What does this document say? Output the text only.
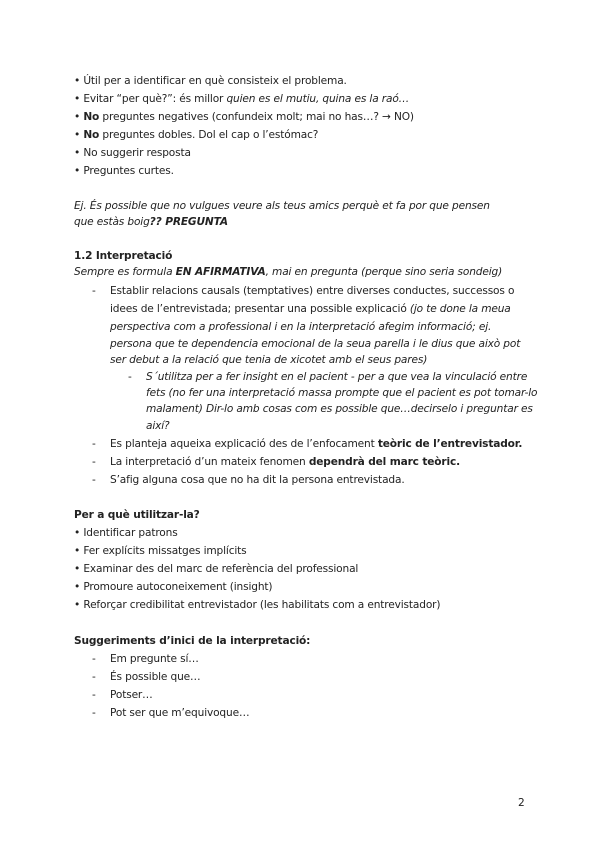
• Útil per a identificar en què consisteix el problema.
• Evitar “per què?”: és millor quien es el mutiu, quina es la raó…
• No preguntes negatives (confundeix molt; mai no has…? → NO)
• No preguntes dobles. Dol el cap o l’estómac?
• No suggerir resposta
• Preguntes curtes.
Ej. És possible que no vulgues veure als teus amics perquè et fa por que pensen
que estàs boig?? PREGUNTA
1.2 Interpretació
Sempre es formula EN AFIRMATIVA, mai en pregunta (perque sino seria sondeig)
- Establir relacions causals (temptatives) entre diverses conductes, successos o
idees de l’entrevistada; presentar una possible explicació (jo te done la meua
perspectiva com a professional i en la interpretació afegim informació; ej.
persona que te dependencia emocional de la seua parella i le dius que això pot
ser debut a la relació que tenia de xicotet amb el seus pares)
- S´utilitza per a fer insight en el pacient - per a que vea la vinculació entre
fets (no fer una interpretació massa prompte que el pacient es pot tomar-lo
malament) Dir-lo amb cosas com es possible que…decirselo i preguntar es
així?
- Es planteja aqueixa explicació des de l’enfocament teòric de l’entrevistador.
- La interpretació d’un mateix fenomen dependrà del marc teòric.
- S’afig alguna cosa que no ha dit la persona entrevistada.
Per a què utilitzar-la?
• Identificar patrons
• Fer explícits missatges implícits
• Examinar des del marc de referència del professional
• Promoure autoconeixement (insight)
• Reforçar credibilitat entrevistador (les habilitats com a entrevistador)
Suggeriments d’inici de la interpretació:
- Em pregunte sí…
- És possible que…
- Potser…
- Pot ser que m’equivoque…
2
